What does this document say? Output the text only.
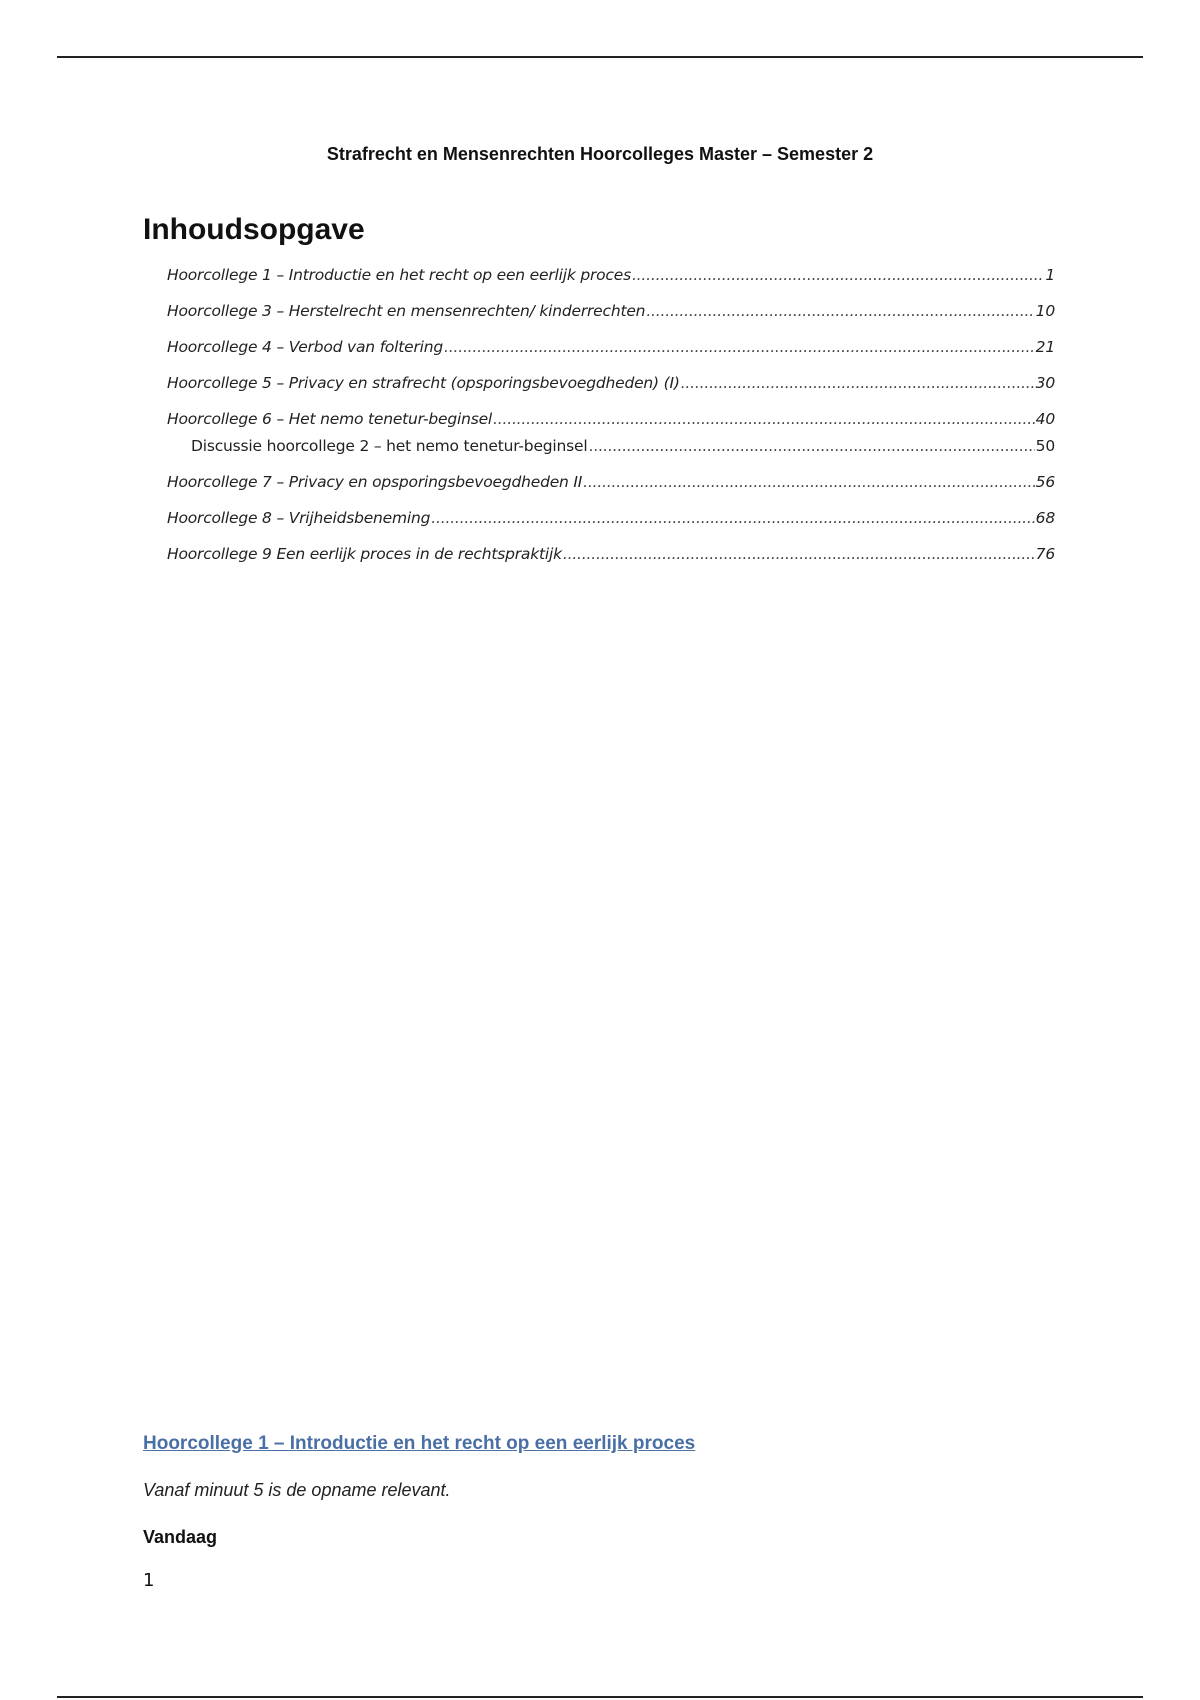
Strafrecht en Mensenrechten Hoorcolleges Master – Semester 2
Inhoudsopgave
Hoorcollege 1 – Introductie en het recht op een eerlijk proces .....	1
Hoorcollege 3 – Herstelrecht en mensenrechten/ kinderrechten .....	10
Hoorcollege 4 – Verbod van foltering .....	21
Hoorcollege 5 – Privacy en strafrecht (opsporingsbevoegdheden) (I) .....	30
Hoorcollege 6 – Het nemo tenetur-beginsel .....	40
Discussie hoorcollege 2 – het nemo tenetur-beginsel .....	50
Hoorcollege 7 – Privacy en opsporingsbevoegdheden II .....	56
Hoorcollege 8 – Vrijheidsbeneming .....	68
Hoorcollege 9 Een eerlijk proces in de rechtspraktijk .....	76
Hoorcollege 1 – Introductie en het recht op een eerlijk proces
Vanaf minuut 5 is de opname relevant.
Vandaag
1
